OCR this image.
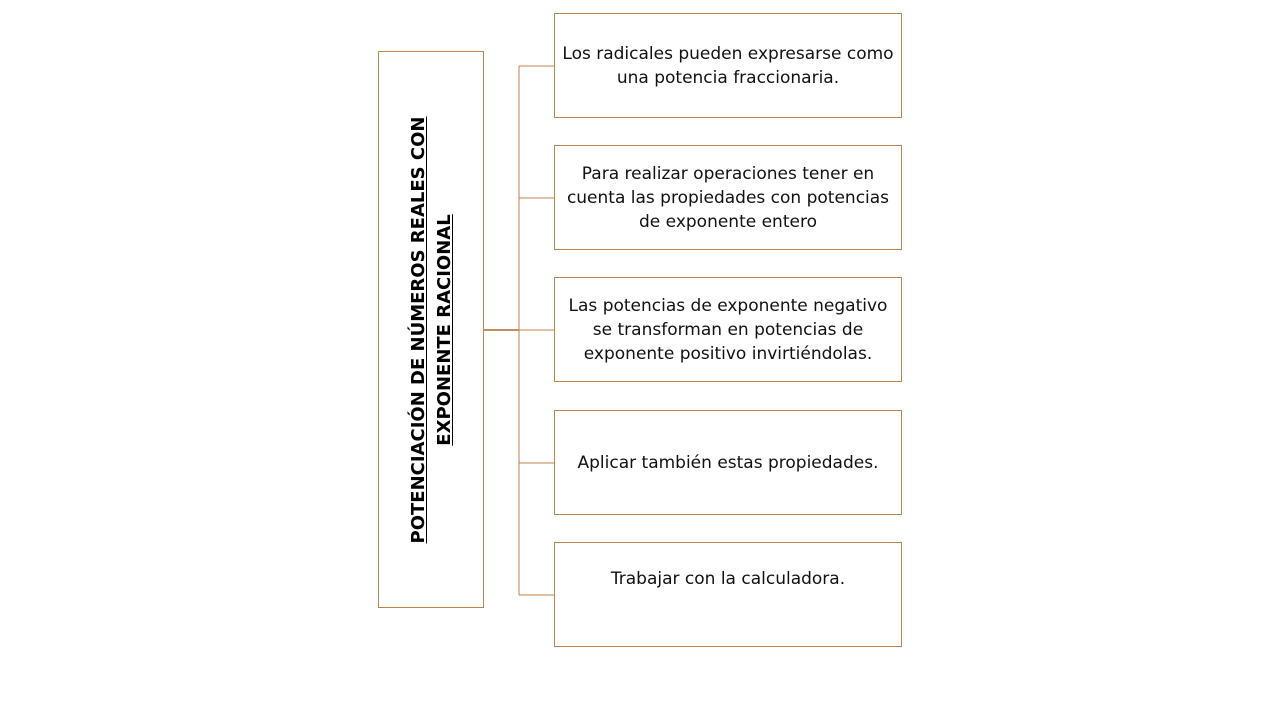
POTENCIACIÓN DE NÚMEROS REALES CON EXPONENTE RACIONAL
Los radicales pueden expresarse como una potencia fraccionaria.
Para realizar operaciones tener en cuenta las propiedades con potencias de exponente entero
Las potencias de exponente negativo se transforman en potencias de exponente positivo invirtiéndolas.
Aplicar también estas propiedades.
Trabajar con la calculadora.
